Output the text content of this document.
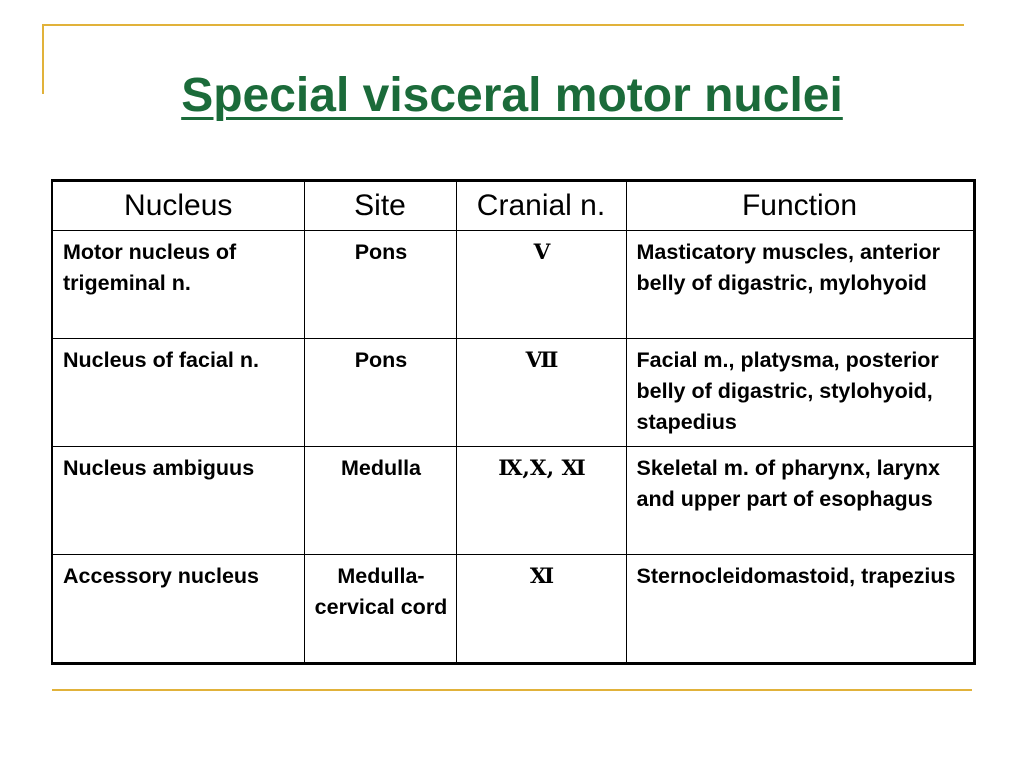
Special visceral motor nuclei
Nucleus	Site	Cranial n.	Function
Motor nucleus of trigeminal n.	Pons	V	Masticatory muscles, anterior belly of digastric, mylohyoid
Nucleus of facial n.	Pons	Ⅶ	Facial m., platysma, posterior belly of digastric, stylohyoid, stapedius
Nucleus ambiguus	Medulla	Ⅸ,Ⅹ, Ⅺ	Skeletal m. of pharynx, larynx and upper part of esophagus
Accessory nucleus	Medulla-cervical cord	Ⅺ	Sternocleidomastoid, trapezius
